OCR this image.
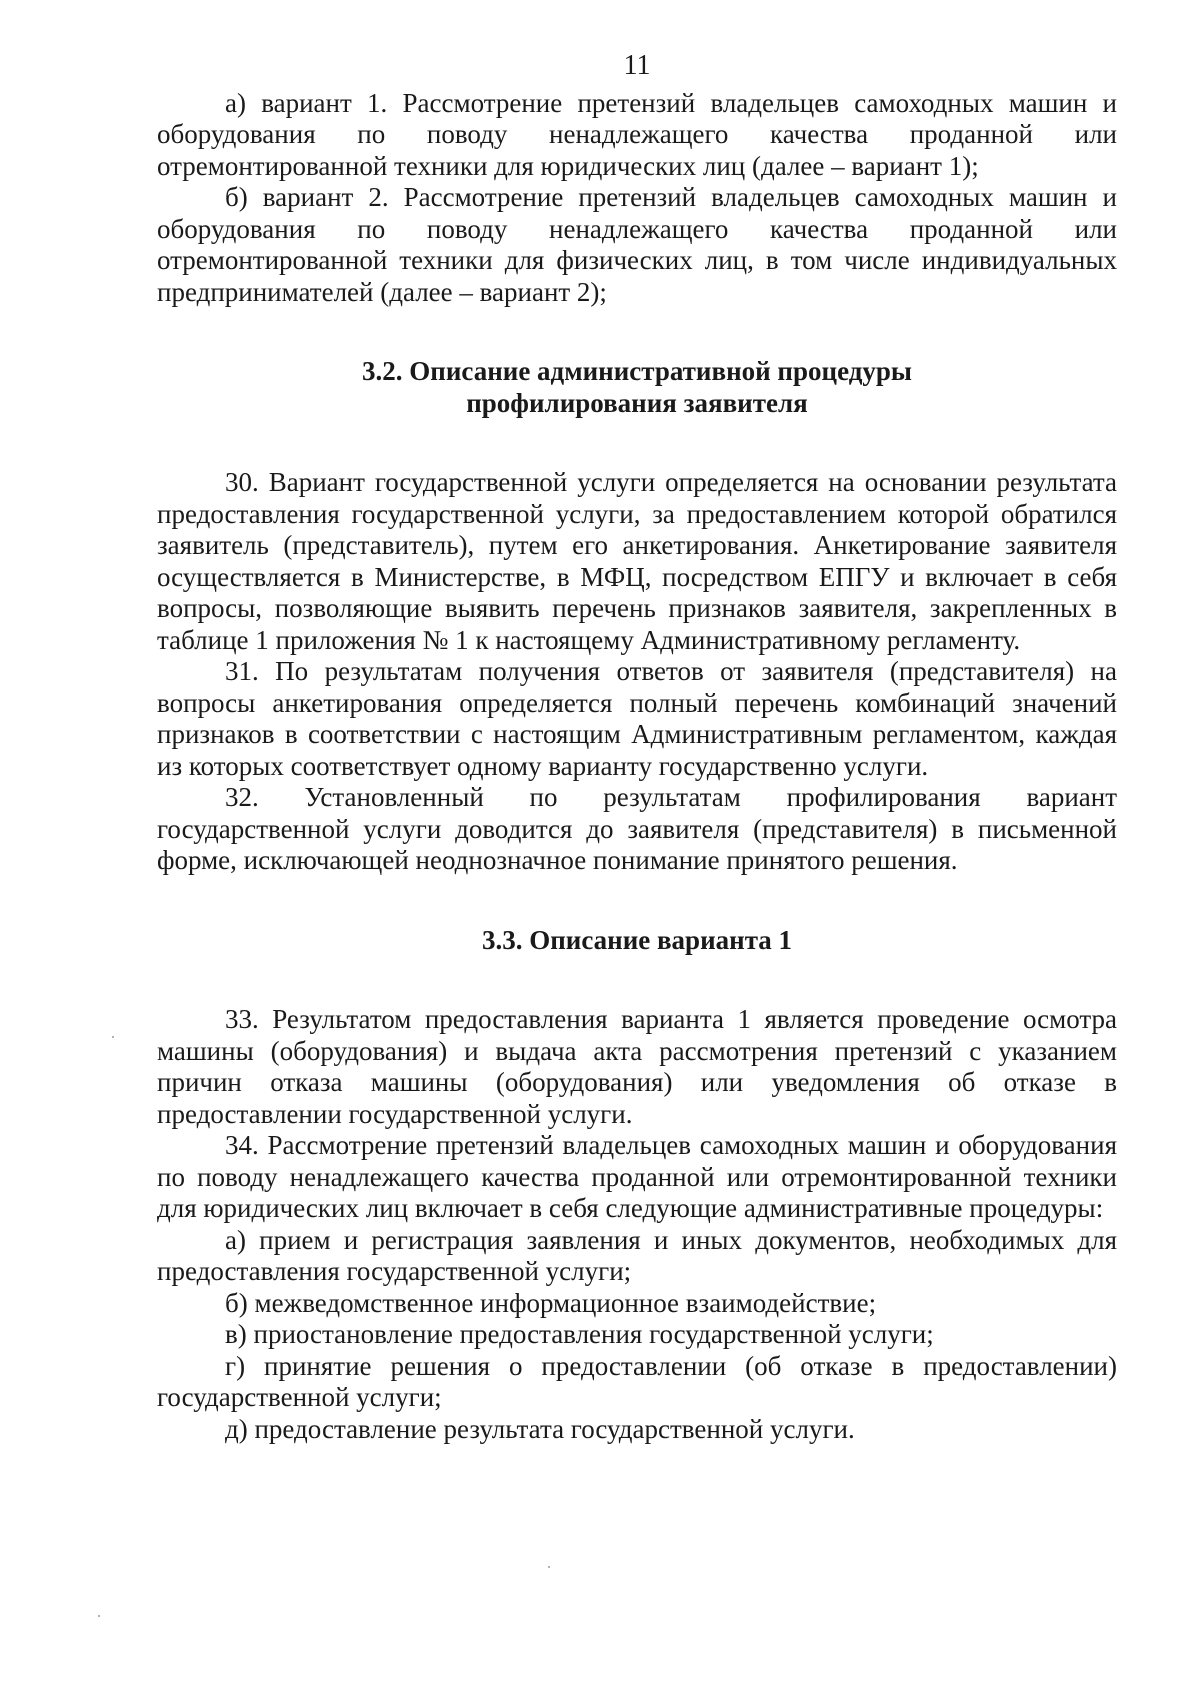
11

а) вариант 1. Рассмотрение претензий владельцев самоходных машин и оборудования по поводу ненадлежащего качества проданной или отремонтированной техники для юридических лиц (далее – вариант 1);

б) вариант 2. Рассмотрение претензий владельцев самоходных машин и оборудования по поводу ненадлежащего качества проданной или отремонтированной техники для физических лиц, в том числе индивидуальных предпринимателей (далее – вариант 2);

3.2. Описание административной процедуры

профилирования заявителя

30. Вариант государственной услуги определяется на основании результата предоставления государственной услуги, за предоставлением которой обратился заявитель (представитель), путем его анкетирования. Анкетирование заявителя осуществляется в Министерстве, в МФЦ, посредством ЕПГУ и включает в себя вопросы, позволяющие выявить перечень признаков заявителя, закрепленных в таблице 1 приложения № 1 к настоящему Административному регламенту.

31. По результатам получения ответов от заявителя (представителя) на вопросы анкетирования определяется полный перечень комбинаций значений признаков в соответствии с настоящим Административным регламентом, каждая из которых соответствует одному варианту государственно услуги.

32. Установленный по результатам профилирования вариант государственной услуги доводится до заявителя (представителя) в письменной форме, исключающей неоднозначное понимание принятого решения.

3.3. Описание варианта 1

33. Результатом предоставления варианта 1 является проведение осмотра машины (оборудования) и выдача акта рассмотрения претензий с указанием причин отказа машины (оборудования) или уведомления об отказе в предоставлении государственной услуги.

34. Рассмотрение претензий владельцев самоходных машин и оборудования по поводу ненадлежащего качества проданной или отремонтированной техники для юридических лиц включает в себя следующие административные процедуры:

а) прием и регистрация заявления и иных документов, необходимых для предоставления государственной услуги;

б) межведомственное информационное взаимодействие;

в) приостановление предоставления государственной услуги;

г) принятие решения о предоставлении (об отказе в предоставлении) государственной услуги;

д) предоставление результата государственной услуги.
